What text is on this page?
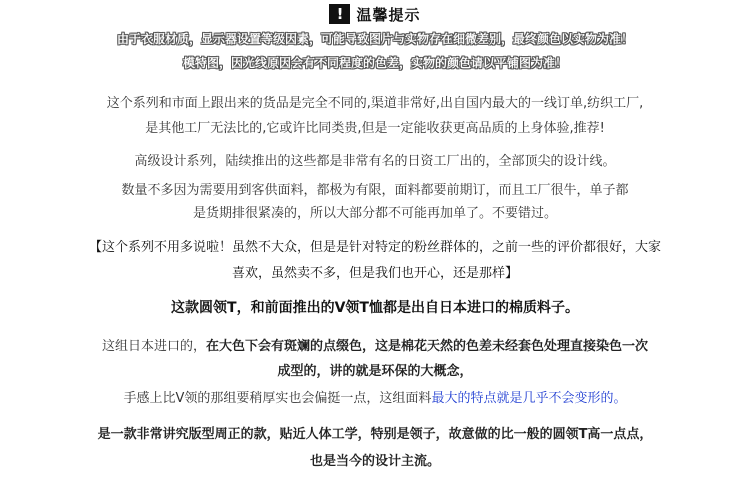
! 温馨提示
由于衣服材质，显示器设置等级因素，可能导致图片与实物存在细微差别，最终颜色以实物为准！
模特图，因光线原因会有不同程度的色差，实物的颜色请以平铺图为准！
这个系列和市面上跟出来的货品是完全不同的,渠道非常好,出自国内最大的一线订单,纺织工厂,
是其他工厂无法比的,它或许比同类贵,但是一定能收获更高品质的上身体验,推荐!
高级设计系列，陆续推出的这些都是非常有名的日资工厂出的，全部顶尖的设计线。
数量不多因为需要用到客供面料，都极为有限，面料都要前期订，而且工厂很牛，单子都
是货期排很紧凑的，所以大部分都不可能再加单了。不要错过。
【这个系列不用多说啦！虽然不大众，但是是针对特定的粉丝群体的，之前一些的评价都很好，大家
喜欢，虽然卖不多，但是我们也开心，还是那样】
这款圆领T，和前面推出的V领T恤都是出自日本进口的棉质料子。
这组日本进口的，在大色下会有斑斓的点缀色，这是棉花天然的色差未经套色处理直接染色一次
成型的，讲的就是环保的大概念，
手感上比V领的那组要稍厚实也会偏挺一点，这组面料最大的特点就是几乎不会变形的。
是一款非常讲究版型周正的款，贴近人体工学，特别是领子，故意做的比一般的圆领T高一点点，
也是当今的设计主流。
